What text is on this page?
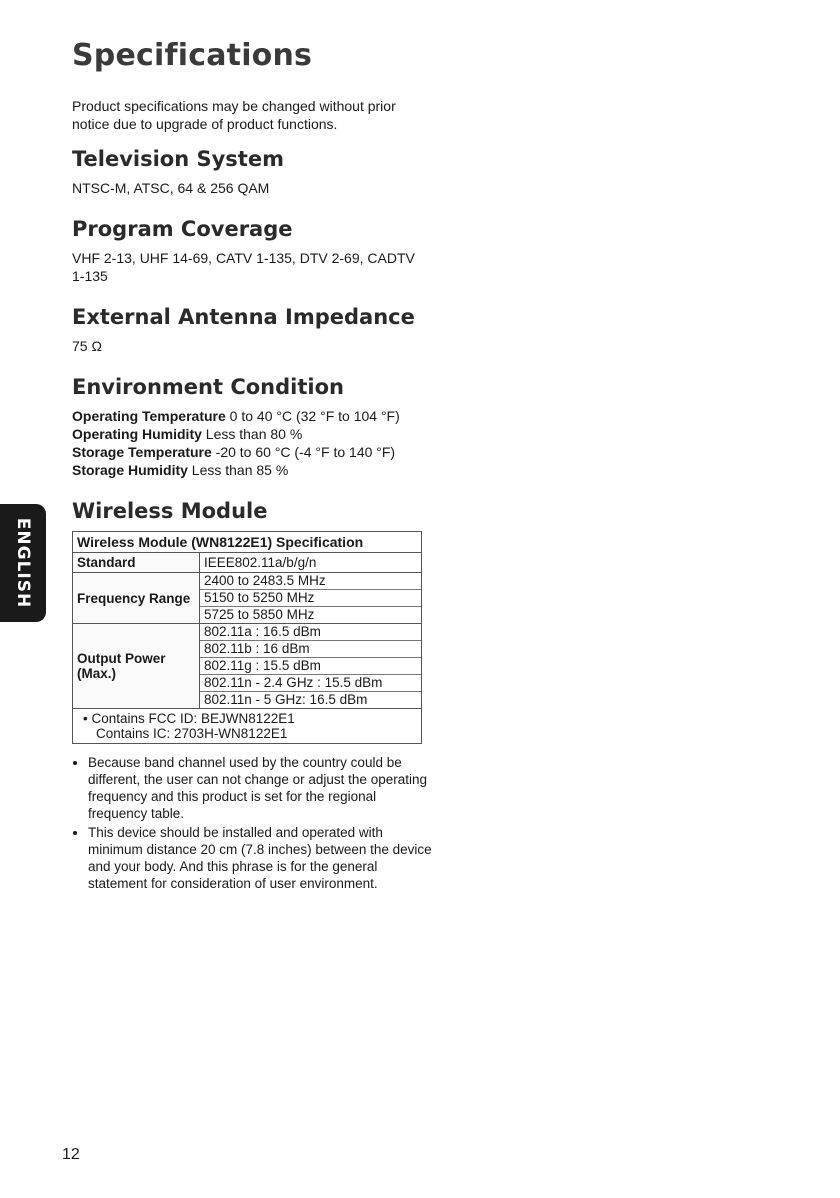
Specifications

Product specifications may be changed without prior notice due to upgrade of product functions.

Television System

NTSC-M, ATSC, 64 & 256 QAM

Program Coverage

VHF 2-13, UHF 14-69, CATV 1-135, DTV 2-69, CADTV 1-135

External Antenna Impedance

75 Ω

Environment Condition
Operating Temperature 0 to 40 °C (32 °F to 104 °F)
Operating Humidity Less than 80 %
Storage Temperature -20 to 60 °C (-4 °F to 140 °F)
Storage Humidity Less than 85 %
Wireless Module
Wireless Module (WN8122E1) Specification	
Standard	IEEE802.11a/b/g/n
Frequency Range	2400 to 2483.5 MHz
5150 to 5250 MHz
5725 to 5850 MHz

Output Power (Max.)	802.11a : 16.5 dBm
802.11b : 16 dBm
802.11g : 15.5 dBm
802.11n - 2.4 GHz : 15.5 dBm
802.11n - 5 GHz: 16.5 dBm

• Contains FCC ID: BEJWN8122E1
Contains IC: 2703H-WN8122E1	
• Because band channel used by the country could be different, the user can not change or adjust the operating frequency and this product is set for the regional frequency table.
• This device should be installed and operated with minimum distance 20 cm (7.8 inches) between the device and your body. And this phrase is for the general statement for consideration of user environment.
ENGLISH
12
